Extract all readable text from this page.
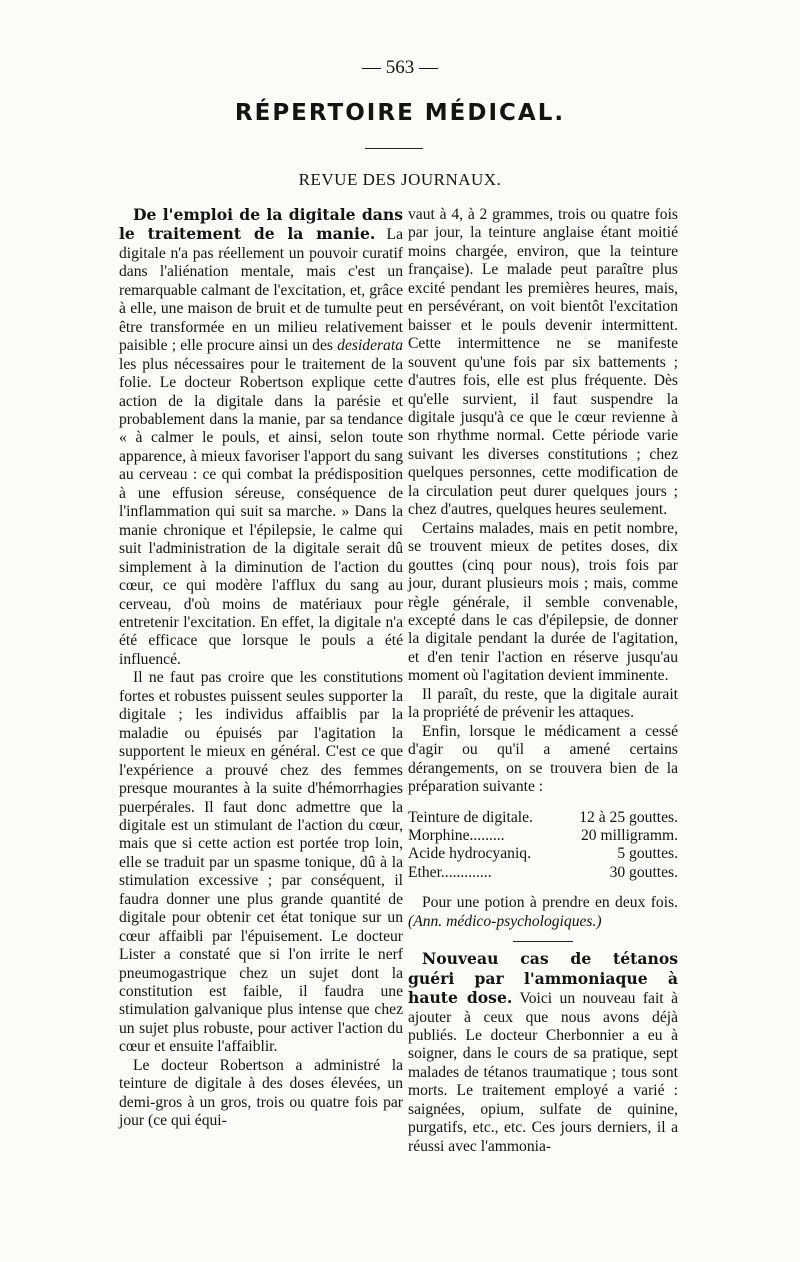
— 563 —
RÉPERTOIRE MÉDICAL.
REVUE DES JOURNAUX.

De l'emploi de la digitale dans le traitement de la manie. La digitale n'a pas réellement un pouvoir curatif dans l'aliénation mentale, mais c'est un remarquable calmant de l'excitation, et, grâce à elle, une maison de bruit et de tumulte peut être transformée en un milieu relativement paisible ; elle procure ainsi un des desiderata les plus nécessaires pour le traitement de la folie. Le docteur Robertson explique cette action de la digitale dans la parésie et probablement dans la manie, par sa tendance « à calmer le pouls, et ainsi, selon toute apparence, à mieux favoriser l'apport du sang au cerveau : ce qui combat la prédisposition à une effusion séreuse, conséquence de l'inflammation qui suit sa marche. » Dans la manie chronique et l'épilepsie, le calme qui suit l'administration de la digitale serait dû simplement à la diminution de l'action du cœur, ce qui modère l'afflux du sang au cerveau, d'où moins de matériaux pour entretenir l'excitation. En effet, la digitale n'a été efficace que lorsque le pouls a été influencé.

Il ne faut pas croire que les constitutions fortes et robustes puissent seules supporter la digitale ; les individus affaiblis par la maladie ou épuisés par l'agitation la supportent le mieux en général. C'est ce que l'expérience a prouvé chez des femmes presque mourantes à la suite d'hémorrhagies puerpérales. Il faut donc admettre que la digitale est un stimulant de l'action du cœur, mais que si cette action est portée trop loin, elle se traduit par un spasme tonique, dû à la stimulation excessive ; par conséquent, il faudra donner une plus grande quantité de digitale pour obtenir cet état tonique sur un cœur affaibli par l'épuisement. Le docteur Lister a constaté que si l'on irrite le nerf pneumogastrique chez un sujet dont la constitution est faible, il faudra une stimulation galvanique plus intense que chez un sujet plus robuste, pour activer l'action du cœur et ensuite l'affaiblir.

Le docteur Robertson a administré la teinture de digitale à des doses élevées, un demi-gros à un gros, trois ou quatre fois par jour (ce qui équi-

vaut à 4, à 2 grammes, trois ou quatre fois par jour, la teinture anglaise étant moitié moins chargée, environ, que la teinture française). Le malade peut paraître plus excité pendant les premières heures, mais, en persévérant, on voit bientôt l'excitation baisser et le pouls devenir intermittent. Cette intermittence ne se manifeste souvent qu'une fois par six battements ; d'autres fois, elle est plus fréquente. Dès qu'elle survient, il faut suspendre la digitale jusqu'à ce que le cœur revienne à son rhythme normal. Cette période varie suivant les diverses constitutions ; chez quelques personnes, cette modification de la circulation peut durer quelques jours ; chez d'autres, quelques heures seulement.

Certains malades, mais en petit nombre, se trouvent mieux de petites doses, dix gouttes (cinq pour nous), trois fois par jour, durant plusieurs mois ; mais, comme règle générale, il semble convenable, excepté dans le cas d'épilepsie, de donner la digitale pendant la durée de l'agitation, et d'en tenir l'action en réserve jusqu'au moment où l'agitation devient imminente.

Il paraît, du reste, que la digitale aurait la propriété de prévenir les attaques.

Enfin, lorsque le médicament a cessé d'agir ou qu'il a amené certains dérangements, on se trouvera bien de la préparation suivante :

Teinture de digitale.	12 à 25 gouttes.
Morphine.........	20 milligramm.
Acide hydrocyaniq.	5 gouttes.
Ether.............	30 gouttes.

Pour une potion à prendre en deux fois. (Ann. médico-psychologiques.)

Nouveau cas de tétanos guéri par l'ammoniaque à haute dose. Voici un nouveau fait à ajouter à ceux que nous avons déjà publiés. Le docteur Cherbonnier a eu à soigner, dans le cours de sa pratique, sept malades de tétanos traumatique ; tous sont morts. Le traitement employé a varié : saignées, opium, sulfate de quinine, purgatifs, etc., etc. Ces jours derniers, il a réussi avec l'ammonia-
